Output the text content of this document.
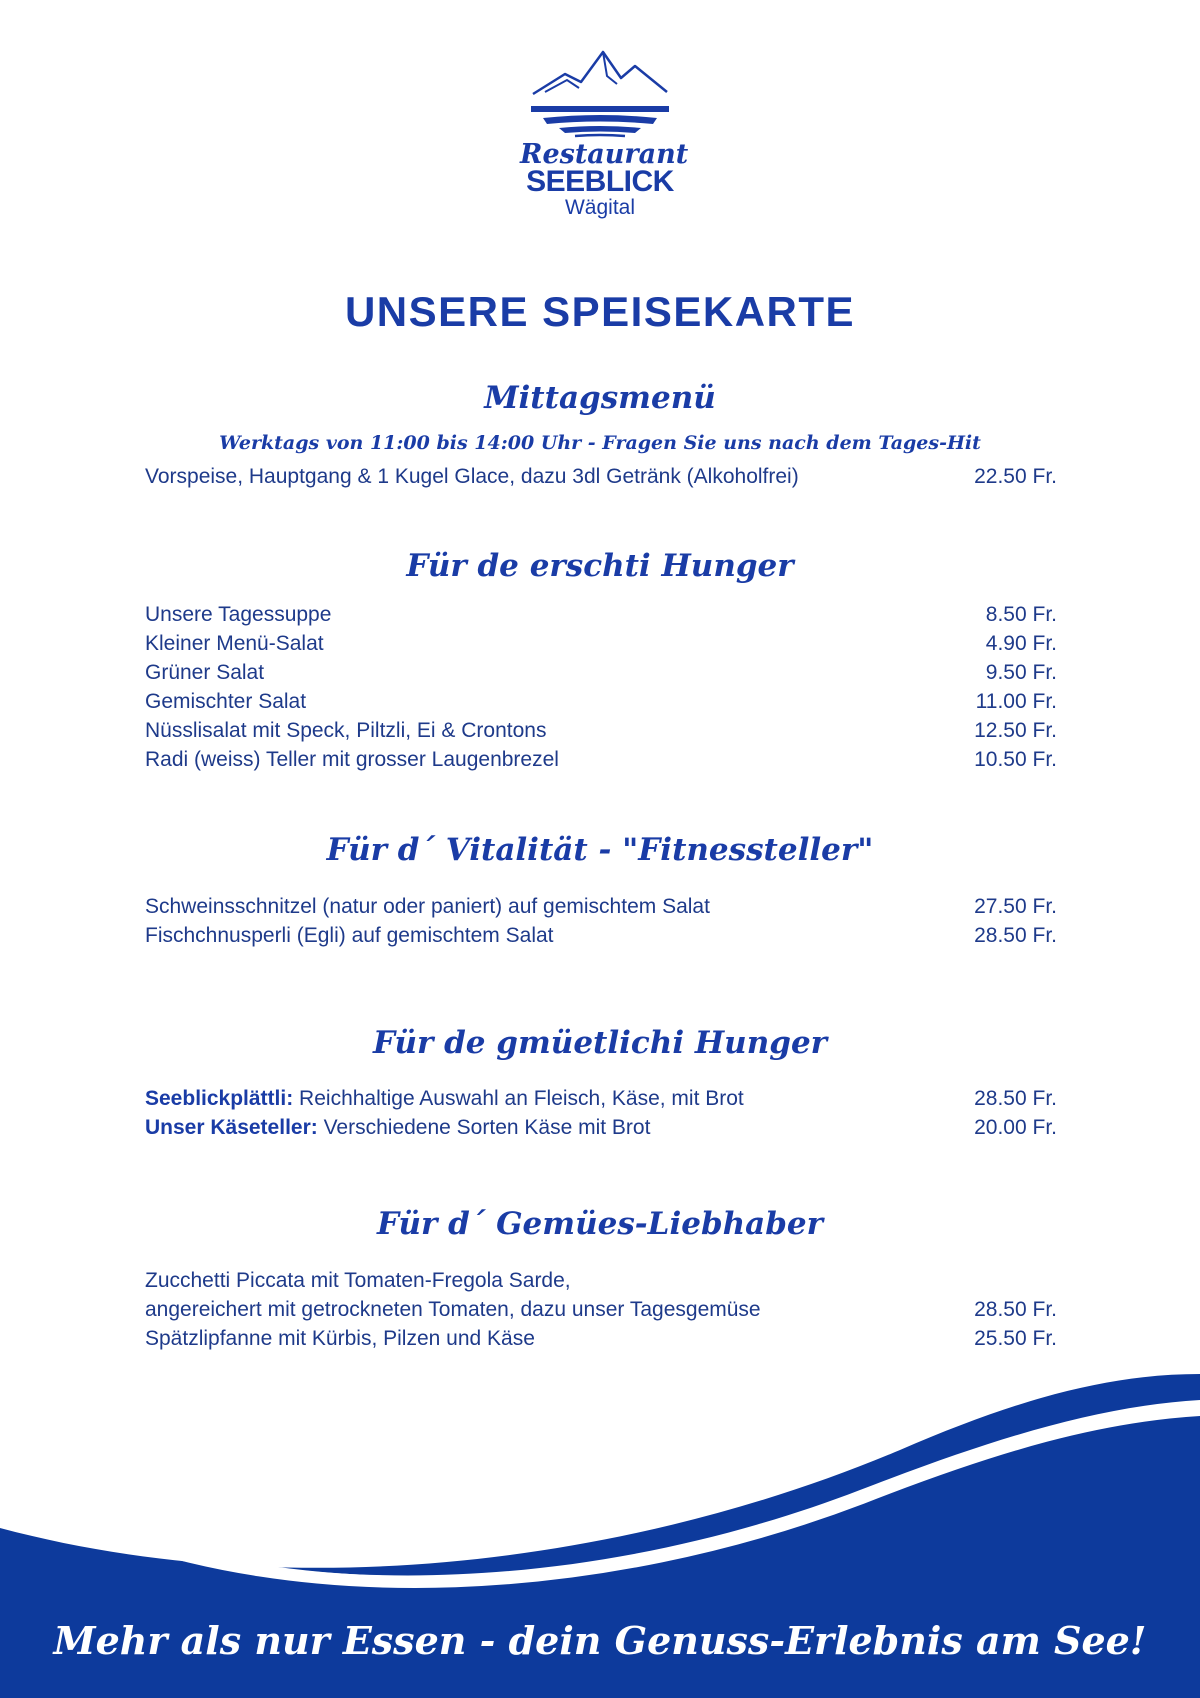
Restaurant
SEEBLICK
Wägital
UNSERE SPEISEKARTE
Mittagsmenü
Werktags von 11:00 bis 14:00 Uhr - Fragen Sie uns nach dem Tages-Hit
Vorspeise, Hauptgang & 1 Kugel Glace, dazu 3dl Getränk (Alkoholfrei)	22.50 Fr.
Für de erschti Hunger
Unsere Tagessuppe	8.50 Fr.
Kleiner Menü-Salat	4.90 Fr.
Grüner Salat	9.50 Fr.
Gemischter Salat	11.00 Fr.
Nüsslisalat mit Speck, Piltzli, Ei & Crontons	12.50 Fr.
Radi (weiss) Teller mit grosser Laugenbrezel	10.50 Fr.
Für d´ Vitalität - "Fitnessteller"
Schweinsschnitzel (natur oder paniert) auf gemischtem Salat	27.50 Fr.
Fischchnusperli (Egli) auf gemischtem Salat	28.50 Fr.
Für de gmüetlichi Hunger
Seeblickplättli: Reichhaltige Auswahl an Fleisch, Käse, mit Brot	28.50 Fr.
Unser Käseteller: Verschiedene Sorten Käse mit Brot	20.00 Fr.
Für d´ Gemües-Liebhaber
Zucchetti Piccata mit Tomaten-Fregola Sarde,
angereichert mit getrockneten Tomaten, dazu unser Tagesgemüse	28.50 Fr.
Spätzlipfanne mit Kürbis, Pilzen und Käse	25.50 Fr.
Mehr als nur Essen - dein Genuss-Erlebnis am See!
